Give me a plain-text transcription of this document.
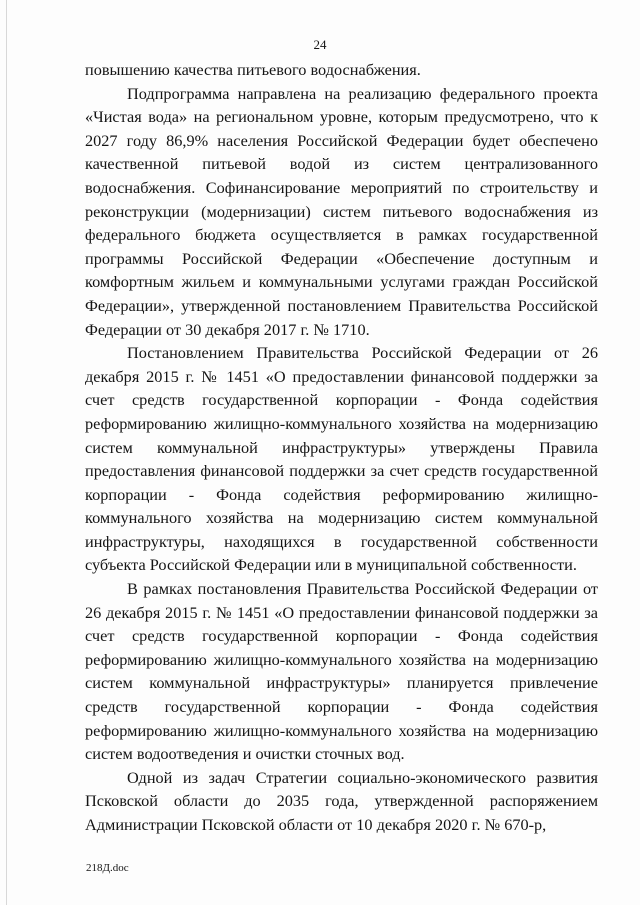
24

повышению качества питьевого водоснабжения.

Подпрограмма направлена на реализацию федерального проекта «Чистая вода» на региональном уровне, которым предусмотрено, что к 2027 году 86,9% населения Российской Федерации будет обеспечено качественной питьевой водой из систем централизованного водоснабжения. Софинансирование мероприятий по строительству и реконструкции (модернизации) систем питьевого водоснабжения из федерального бюджета осуществляется в рамках государственной программы Российской Федерации «Обеспечение доступным и комфортным жильем и коммунальными услугами граждан Российской Федерации», утвержденной постановлением Правительства Российской Федерации от 30 декабря 2017 г. № 1710.

Постановлением Правительства Российской Федерации от 26 декабря 2015 г. № 1451 «О предоставлении финансовой поддержки за счет средств государственной корпорации - Фонда содействия реформированию жилищно-коммунального хозяйства на модернизацию систем коммунальной инфраструктуры» утверждены Правила предоставления финансовой поддержки за счет средств государственной корпорации - Фонда содействия реформированию жилищно-коммунального хозяйства на модернизацию систем коммунальной инфраструктуры, находящихся в государственной собственности субъекта Российской Федерации или в муниципальной собственности.

В рамках постановления Правительства Российской Федерации от 26 декабря 2015 г. № 1451 «О предоставлении финансовой поддержки за счет средств государственной корпорации - Фонда содействия реформированию жилищно-коммунального хозяйства на модернизацию систем коммунальной инфраструктуры» планируется привлечение средств государственной корпорации - Фонда содействия реформированию жилищно-коммунального хозяйства на модернизацию систем водоотведения и очистки сточных вод.

Одной из задач Стратегии социально-экономического развития Псковской области до 2035 года, утвержденной распоряжением Администрации Псковской области от 10 декабря 2020 г. № 670-р,

218Д.doc
